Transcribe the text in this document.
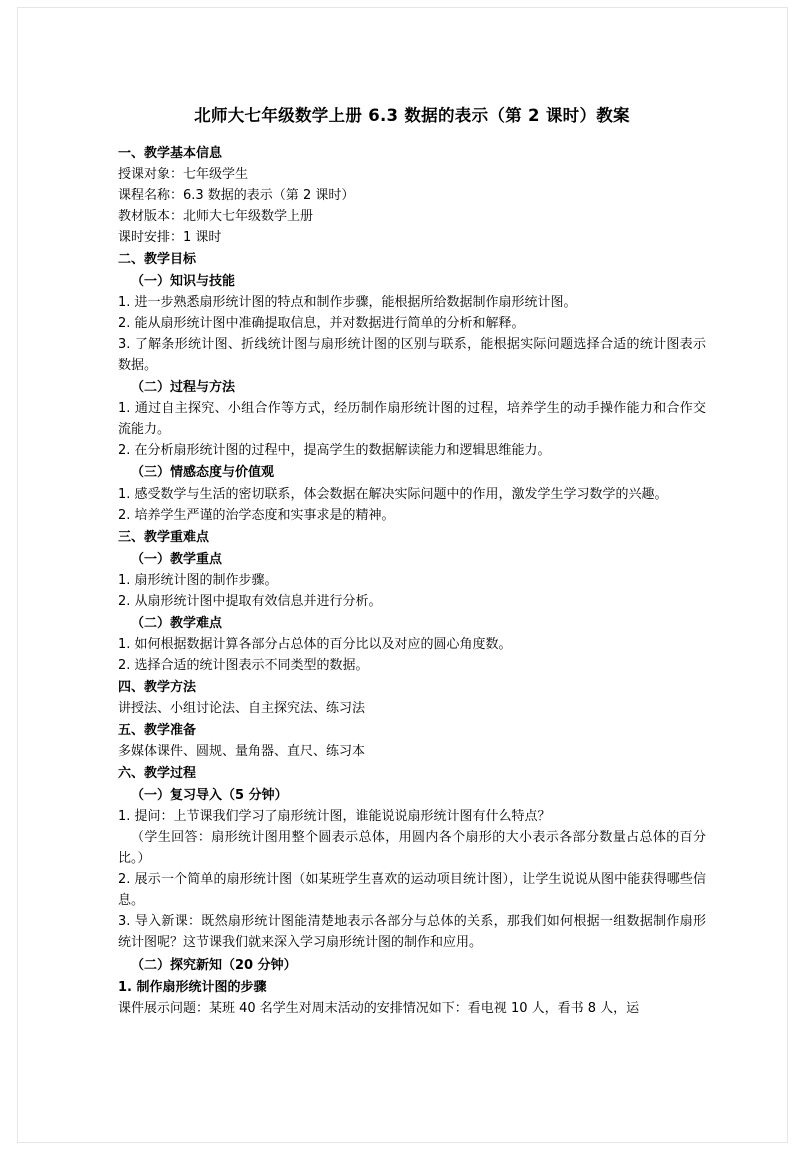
北师大七年级数学上册 6.3 数据的表示（第 2 课时）教案
一、教学基本信息
授课对象：七年级学生
课程名称：6.3 数据的表示（第 2 课时）
教材版本：北师大七年级数学上册
课时安排：1 课时
二、教学目标
（一）知识与技能
1. 进一步熟悉扇形统计图的特点和制作步骤，能根据所给数据制作扇形统计图。
2. 能从扇形统计图中准确提取信息，并对数据进行简单的分析和解释。
3. 了解条形统计图、折线统计图与扇形统计图的区别与联系，能根据实际问题选择合适的统计图表示数据。
（二）过程与方法
1. 通过自主探究、小组合作等方式，经历制作扇形统计图的过程，培养学生的动手操作能力和合作交流能力。
2. 在分析扇形统计图的过程中，提高学生的数据解读能力和逻辑思维能力。
（三）情感态度与价值观
1. 感受数学与生活的密切联系，体会数据在解决实际问题中的作用，激发学生学习数学的兴趣。
2. 培养学生严谨的治学态度和实事求是的精神。
三、教学重难点
（一）教学重点
1. 扇形统计图的制作步骤。
2. 从扇形统计图中提取有效信息并进行分析。
（二）教学难点
1. 如何根据数据计算各部分占总体的百分比以及对应的圆心角度数。
2. 选择合适的统计图表示不同类型的数据。
四、教学方法
讲授法、小组讨论法、自主探究法、练习法
五、教学准备
多媒体课件、圆规、量角器、直尺、练习本
六、教学过程
（一）复习导入（5 分钟）
1. 提问：上节课我们学习了扇形统计图，谁能说说扇形统计图有什么特点？
（学生回答：扇形统计图用整个圆表示总体，用圆内各个扇形的大小表示各部分数量占总体的百分比。）
2. 展示一个简单的扇形统计图（如某班学生喜欢的运动项目统计图），让学生说说从图中能获得哪些信息。
3. 导入新课：既然扇形统计图能清楚地表示各部分与总体的关系，那我们如何根据一组数据制作扇形统计图呢？这节课我们就来深入学习扇形统计图的制作和应用。
（二）探究新知（20 分钟）
1. 制作扇形统计图的步骤
课件展示问题：某班 40 名学生对周末活动的安排情况如下：看电视 10 人，看书 8 人，运
